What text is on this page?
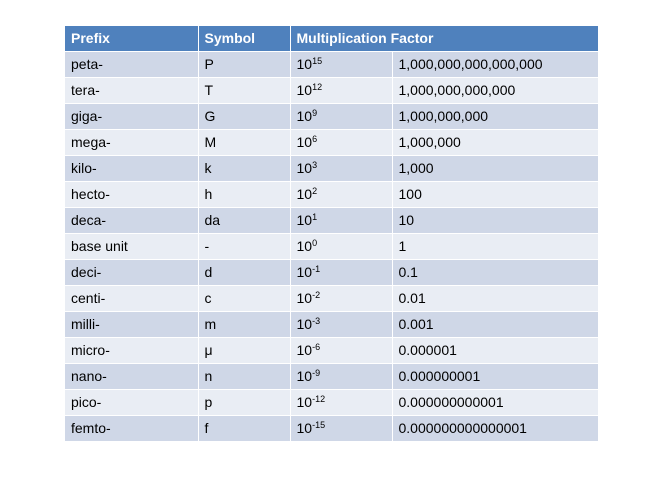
Prefix	Symbol	Multiplication Factor	
peta-	P	$10^{15}$	1,000,000,000,000,000
tera-	T	$10^{12}$	1,000,000,000,000
giga-	G	$10^9$	1,000,000,000
mega-	M	$10^6$	1,000,000
kilo-	k	$10^3$	1,000
hecto-	h	$10^2$	100
deca-	da	$10^1$	10
base unit	-	$10^0$	1
deci-	d	$10^{-1}$	0.1
centi-	c	$10^{-2}$	0.01
milli-	m	$10^{-3}$	0.001
micro-	μ	$10^{-6}$	0.000001
nano-	n	$10^{-9}$	0.000000001
pico-	p	$10^{-12}$	0.000000000001
femto-	f	$10^{-15}$	0.000000000000001
